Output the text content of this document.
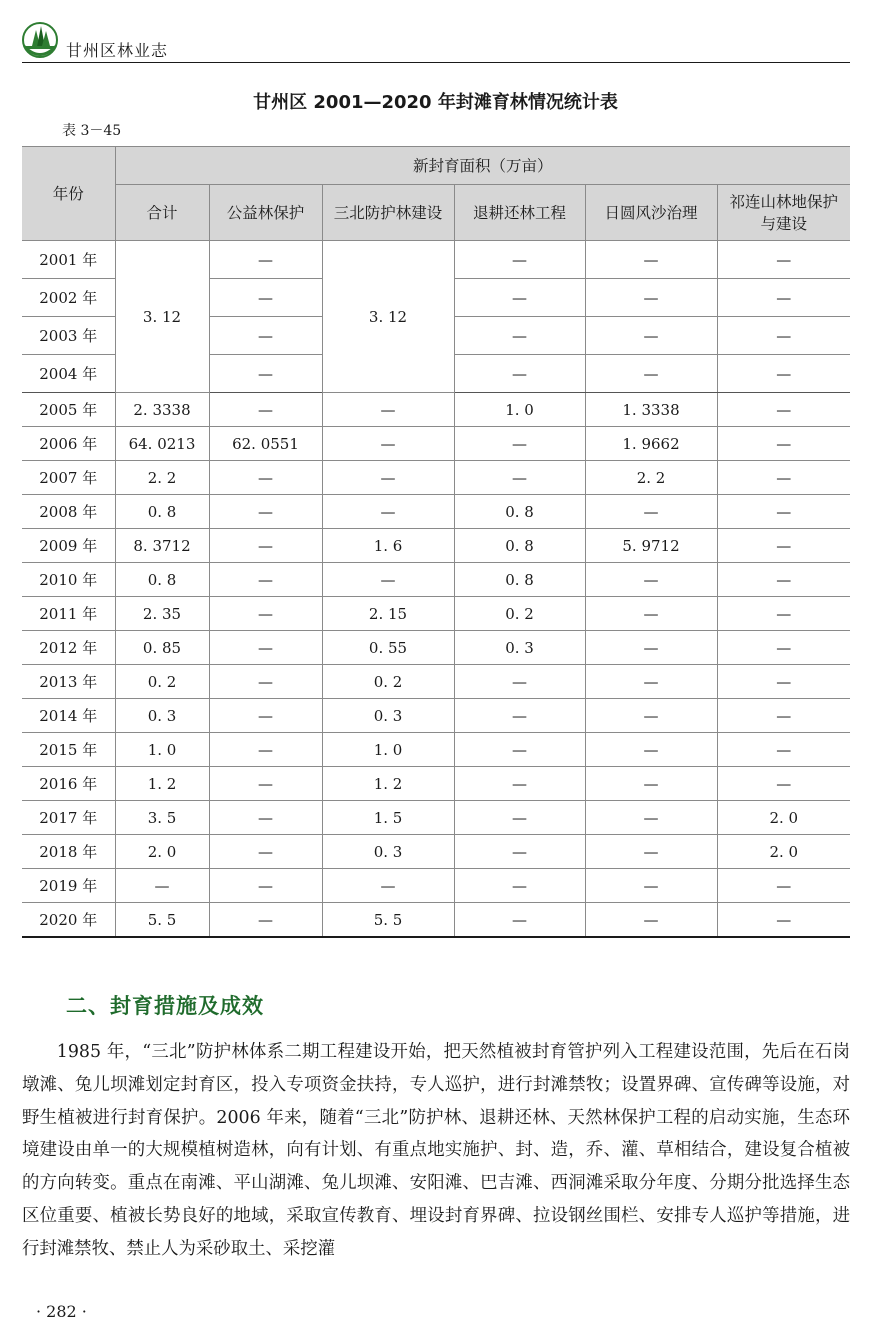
甘州区林业志
甘州区 2001—2020 年封滩育林情况统计表
表 3－45
年份	新封育面积（万亩）					
	合计	公益林保护	三北防护林建设	退耕还林工程	日圆风沙治理	祁连山林地保护
与建设
2001 年	3. 12	—	3. 12	—	—	—
2002 年		—		—	—	—
2003 年		—		—	—	—
2004 年		—		—	—	—
2005 年	2. 3338	—	—	1. 0	1. 3338	—
2006 年	64. 0213	62. 0551	—	—	1. 9662	—
2007 年	2. 2	—	—	—	2. 2	—
2008 年	0. 8	—	—	0. 8	—	—
2009 年	8. 3712	—	1. 6	0. 8	5. 9712	—
2010 年	0. 8	—	—	0. 8	—	—
2011 年	2. 35	—	2. 15	0. 2	—	—
2012 年	0. 85	—	0. 55	0. 3	—	—
2013 年	0. 2	—	0. 2	—	—	—
2014 年	0. 3	—	0. 3	—	—	—
2015 年	1. 0	—	1. 0	—	—	—
2016 年	1. 2	—	1. 2	—	—	—
2017 年	3. 5	—	1. 5	—	—	2. 0
2018 年	2. 0	—	0. 3	—	—	2. 0
2019 年	—	—	—	—	—	—
2020 年	5. 5	—	5. 5	—	—	—
二、封育措施及成效
1985 年，“三北”防护林体系二期工程建设开始，把天然植被封育管护列入工程建设范围，先后在石岗墩滩、兔儿坝滩划定封育区，投入专项资金扶持，专人巡护，进行封滩禁牧；设置界碑、宣传碑等设施，对野生植被进行封育保护。2006 年来，随着“三北”防护林、退耕还林、天然林保护工程的启动实施，生态环境建设由单一的大规模植树造林，向有计划、有重点地实施护、封、造，乔、灌、草相结合，建设复合植被的方向转变。重点在南滩、平山湖滩、兔儿坝滩、安阳滩、巴吉滩、西洞滩采取分年度、分期分批选择生态区位重要、植被长势良好的地域，采取宣传教育、埋设封育界碑、拉设钢丝围栏、安排专人巡护等措施，进行封滩禁牧、禁止人为采砂取土、采挖灌
· 282 ·
